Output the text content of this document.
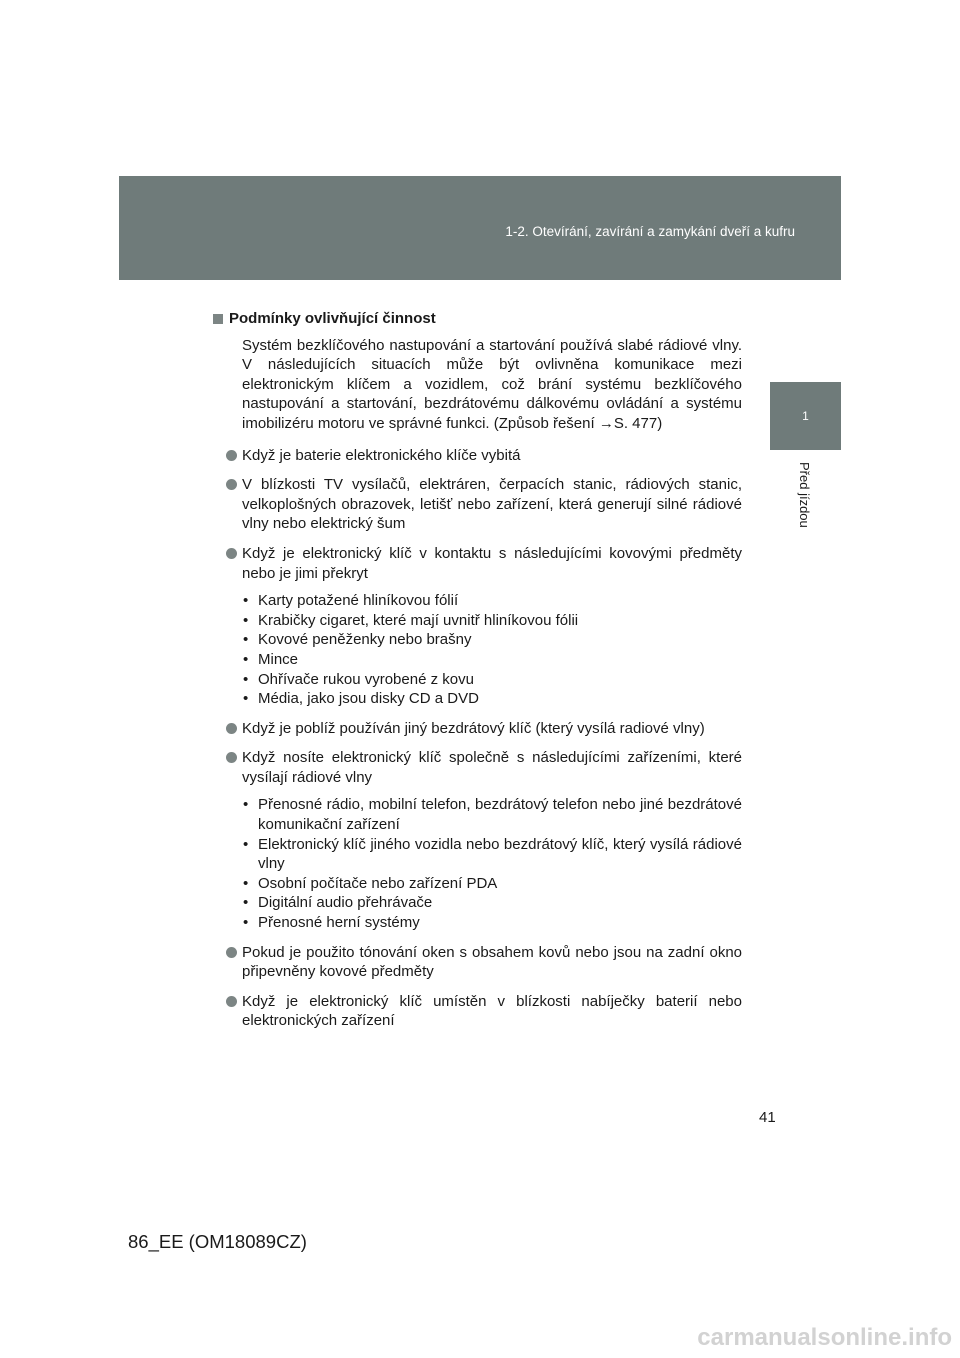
1-2. Otevírání, zavírání a zamykání dveří a kufru
1
Před jízdou
Podmínky ovlivňující činnost

Systém bezklíčového nastupování a startování používá slabé rádiové vlny. V následujících situacích může být ovlivněna komunikace mezi elektronickým klíčem a vozidlem, což brání systému bezklíčového nastupování a startování, bezdrátovému dálkovému ovládání a systému imobilizéru motoru ve správné funkci. (Způsob řešení →S. 477)

Když je baterie elektronického klíče vybitá
V blízkosti TV vysílačů, elektráren, čerpacích stanic, rádiových stanic, velkoplošných obrazovek, letišť nebo zařízení, která generují silné rádiové vlny nebo elektrický šum
Když je elektronický klíč v kontaktu s následujícími kovovými předměty nebo je jimi překryt
• Karty potažené hliníkovou fólií
• Krabičky cigaret, které mají uvnitř hliníkovou fólii
• Kovové peněženky nebo brašny
• Mince
• Ohřívače rukou vyrobené z kovu
• Média, jako jsou disky CD a DVD
Když je poblíž používán jiný bezdrátový klíč (který vysílá radiové vlny)
Když nosíte elektronický klíč společně s následujícími zařízeními, které vysílají rádiové vlny
• Přenosné rádio, mobilní telefon, bezdrátový telefon nebo jiné bezdrátové komunikační zařízení
• Elektronický klíč jiného vozidla nebo bezdrátový klíč, který vysílá rádiové vlny
• Osobní počítače nebo zařízení PDA
• Digitální audio přehrávače
• Přenosné herní systémy
Pokud je použito tónování oken s obsahem kovů nebo jsou na zadní okno připevněny kovové předměty
Když je elektronický klíč umístěn v blízkosti nabíječky baterií nebo elektronických zařízení
41
86_EE (OM18089CZ)
carmanualsonline.info
